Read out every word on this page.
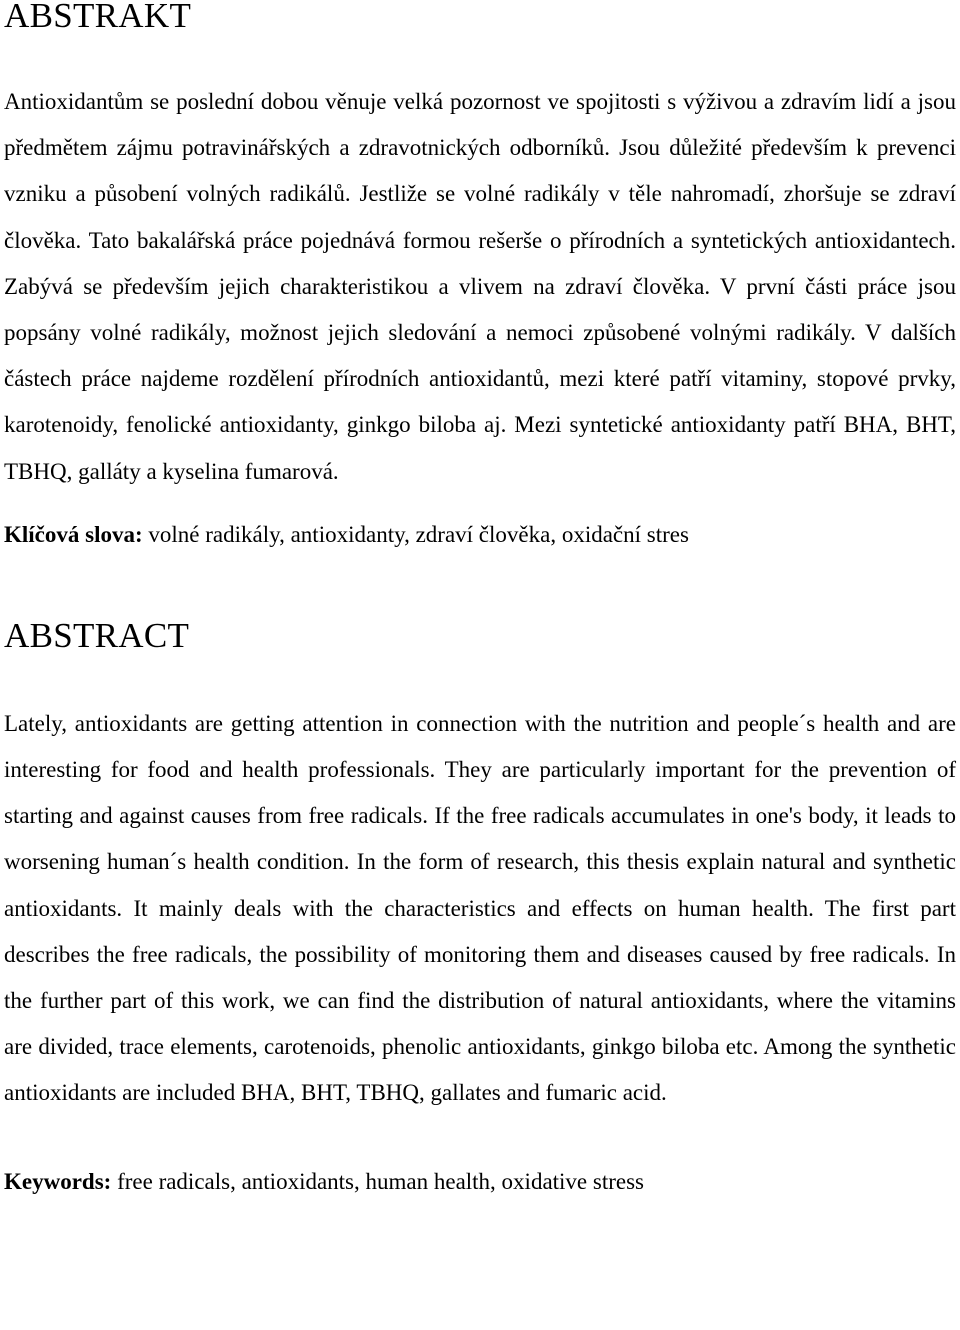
ABSTRAKT

Antioxidantům se poslední dobou věnuje velká pozornost ve spojitosti s výživou a zdravím lidí a jsou předmětem zájmu potravinářských a zdravotnických odborníků. Jsou důležité především k prevenci vzniku a působení volných radikálů. Jestliže se volné radikály v těle nahromadí, zhoršuje se zdraví člověka. Tato bakalářská práce pojednává formou rešerše o přírodních a syntetických antioxidantech. Zabývá se především jejich charakteristikou a vlivem na zdraví člověka. V první části práce jsou popsány volné radikály, možnost jejich sledování a nemoci způsobené volnými radikály. V dalších částech práce najdeme rozdělení přírodních antioxidantů, mezi které patří vitaminy, stopové prvky, karotenoidy, fenolické antioxidanty, ginkgo biloba aj. Mezi syntetické antioxidanty patří BHA, BHT, TBHQ, galláty a kyselina fumarová.

Klíčová slova: volné radikály, antioxidanty, zdraví člověka, oxidační stres

ABSTRACT

Lately, antioxidants are getting attention in connection with the nutrition and people´s health and are interesting for food and health professionals. They are particularly important for the prevention of starting and against causes from free radicals. If the free radicals accumulates in one's body, it leads to worsening human´s health condition. In the form of research, this thesis explain natural and synthetic antioxidants. It mainly deals with the characteristics and effects on human health. The first part describes the free radicals, the possibility of monitoring them and diseases caused by free radicals. In the further part of this work, we can find the distribution of natural antioxidants, where the vitamins are divided, trace elements, carotenoids, phenolic antioxidants, ginkgo biloba etc. Among the synthetic antioxidants are included BHA, BHT, TBHQ, gallates and fumaric acid.

Keywords: free radicals, antioxidants, human health, oxidative stress
